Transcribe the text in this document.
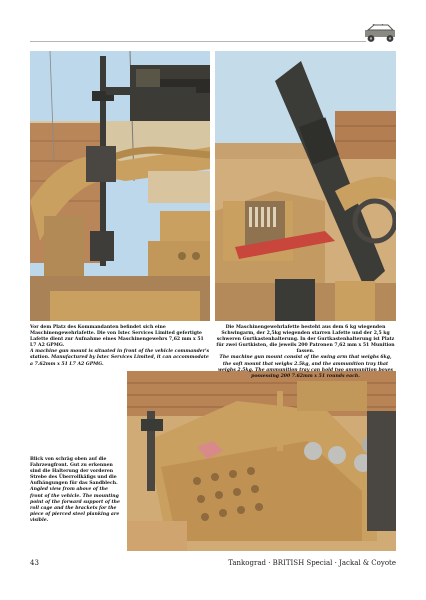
Vor dem Platz des Kommandanten befindet sich eine Maschinengewehrlafette. Die von Istec Services Limited gefertigte Lafette dient zur Aufnahme eines Maschinengewehrs 7,62 mm x 51 L7 A2 GPMG.

A machine gun mount is situated in front of the vehicle commander's station. Manufactured by Istec Services Limited, it can accommodate a 7.62mm x 51 L7 A2 GPMG.

Die Maschinengewehrlafette besteht aus dem 6 kg wiegenden Schwingarm, der 2,5kg wiegenden starren Lafette und der 2,5 kg schweren Gurtkastenhalterung. In der Gurtkastenhalterung ist Platz für zwei Gurtkisten, die jeweils 200 Patronen 7,62 mm x 51 Munition fassen.

The machine gun mount consist of the swing arm that weighs 6kg, the soft mount that weighs 2.5kg, and the ammunition tray that weighs 2.5kg. The ammunition tray can hold two ammunition boxes possessing 200 7.62mm x 51 rounds each.

Blick von schräg oben auf die Fahrzeugfront. Gut zu erkennen sind die Halterung der vorderen Strebe des Überrollkäfigs und die Aufhängungen für das Sandblech.

Angled view from above of the front of the vehicle. The mounting point of the forward support of the roll cage and the brackets for the piece of pierced steel planking are visible.

43	Tankograd · BRITISH Special · Jackal & Coyote
